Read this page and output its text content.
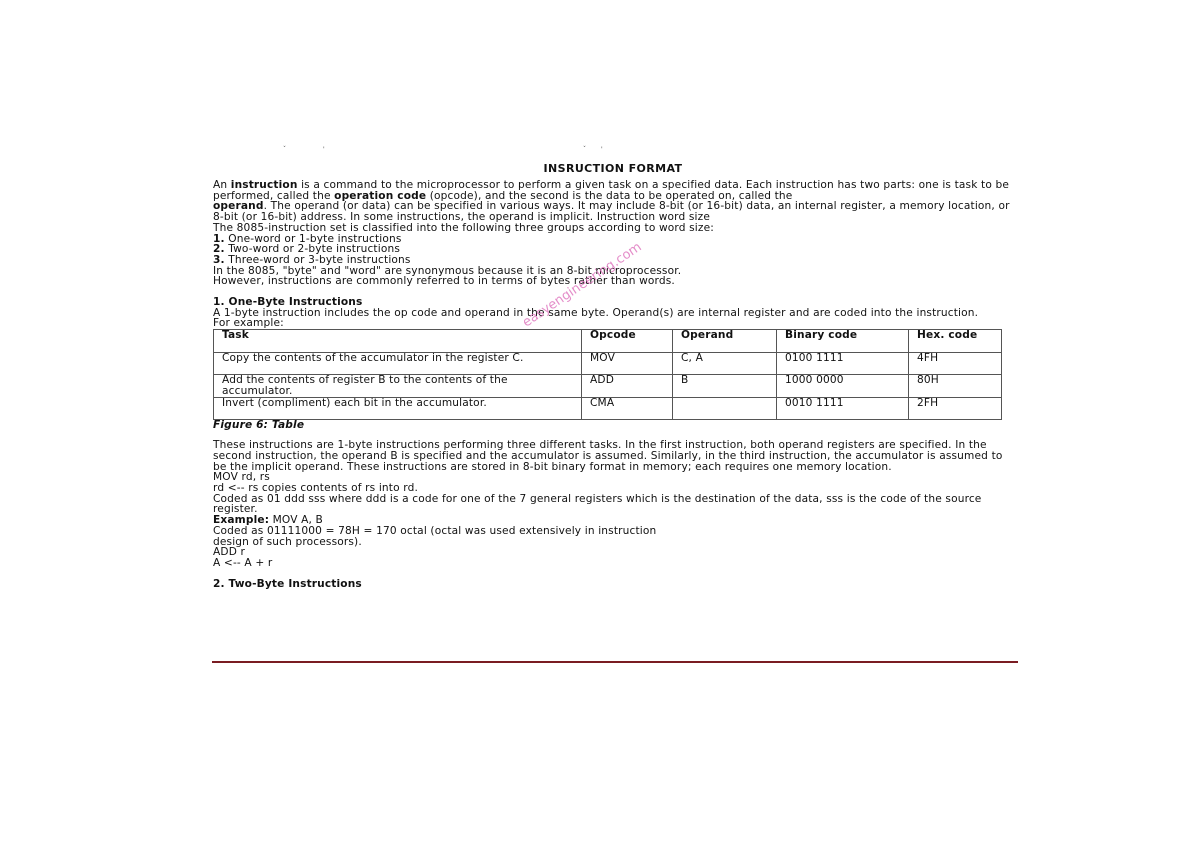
ˇ	'	ˇ	'
INSRUCTION FORMAT

An instruction is a command to the microprocessor to perform a given task on a specified data. Each instruction has two parts: one is task to be performed, called the operation code (opcode), and the second is the data to be operated on, called the

operand. The operand (or data) can be specified in various ways. It may include 8-bit (or 16-bit) data, an internal register, a memory location, or 8-bit (or 16-bit) address. In some instructions, the operand is implicit. Instruction word size

The 8085-instruction set is classified into the following three groups according to word size:

1. One-word or 1-byte instructions

2. Two-word or 2-byte instructions

3. Three-word or 3-byte instructions

In the 8085, "byte" and "word" are synonymous because it is an 8-bit microprocessor.

However, instructions are commonly referred to in terms of bytes rather than words.

1. One-Byte Instructions

A 1-byte instruction includes the op code and operand in the same byte. Operand(s) are internal register and are coded into the instruction.

For example:

Task	Opcode	Operand	Binary code	Hex. code
Copy the contents of the accumulator in the register C.	MOV	C, A	0100 1111	4FH
Add the contents of register B to the contents of the accumulator.	ADD	B	1000 0000	80H
Invert (compliment) each bit in the accumulator.	CMA		0010 1111	2FH

Figure 6: Table

These instructions are 1-byte instructions performing three different tasks. In the first instruction, both operand registers are specified. In the second instruction, the operand B is specified and the accumulator is assumed. Similarly, in the third instruction, the accumulator is assumed to be the implicit operand. These instructions are stored in 8-bit binary format in memory; each requires one memory location.

MOV rd, rs

rd <-- rs copies contents of rs into rd.

Coded as 01 ddd sss where ddd is a code for one of the 7 general registers which is the destination of the data, sss is the code of the source register.

Example: MOV A, B

Coded as 01111000 = 78H = 170 octal (octal was used extensively in instruction

design of such processors).

ADD r

A <-- A + r

2. Two-Byte Instructions

easyengineering.com
